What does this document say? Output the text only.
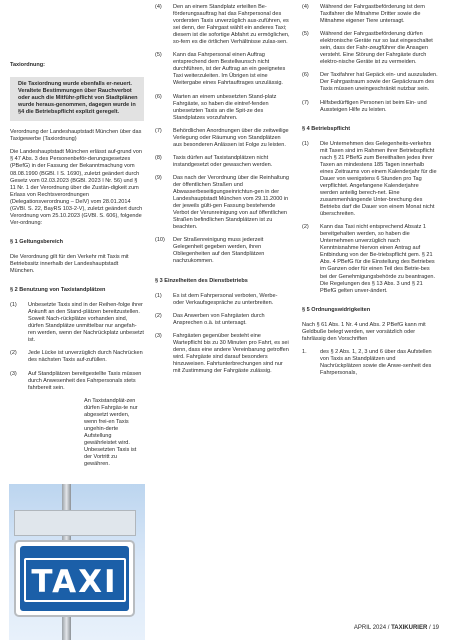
Taxiordnung:

Die Taxiordnung wurde ebenfalls er-neuert. Veraltete Bestimmungen über Rauchverbot oder auch die Mitführ-pflicht von Stadtplänen wurde heraus-genommen, dagegen wurde in §4 die Betriebspflicht explizit geregelt.

Verordnung der Landeshauptstadt München über das Taxigewerbe (Taxiordnung)

Die Landeshauptstadt München erlässt auf-grund von § 47 Abs. 3 des Personenbeför-derungsgesetzes (PBefG) in der Fassung der Bekanntmachung vom 08.08.1990 (BGBl. I S. 1690), zuletzt geändert durch Gesetz vom 02.03.2023 (BGBl. 2023 I Nr. 56) und § 11 Nr. 1 der Verordnung über die Zustän-digkeit zum Erlass von Rechtsverordnungen (Delegationsverordnung – DelV) vom 28.01.2014 (GVBl. S. 22, BayRS 103-2-V), zuletzt geändert durch Verordnung vom 25.10.2023 (GVBl. S. 606), folgende Ver-ordnung:

§ 1 Geltungsbereich

Die Verordnung gilt für den Verkehr mit Taxis mit Betriebssitz innerhalb der Landeshauptstadt München.

§ 2 Benutzung von Taxistandplätzen

(1) Unbesetzte Taxis sind in der Reihen-folge ihrer Ankunft an den Stand-plätzen bereitzustellen. Soweit Nach-rückplätze vorhanden sind, dürfen Standplätze unmittelbar nur angefah-ren werden, wenn der Nachrückplatz unbesetzt ist.
(2) Jede Lücke ist unverzüglich durch Nachrücken des nächsten Taxis auf-zufüllen.
(3) Auf Standplätzen bereitgestellte Taxis müssen durch Anwesenheit des Fahrpersonals stets fahrbereit sein.
An Taxistandplät-zen dürfen Fahrgäs-te nur abgesetzt werden, wenn frei-en Taxis ungehin-derte Aufstellung gewährleistet wird. Unbesetzten Taxis ist der Vortritt zu gewähren.
TAXI
(4) Den an einem Standplatz erteilten Be-förderungsauftrag hat das Fahrpersonal des vordersten Taxis unverzüglich aus-zuführen, es sei denn, der Fahrgast wählt ein anderes Taxi; diesem ist die sofortige Abfahrt zu ermöglichen, so-fern es die örtlichen Verhältnisse zulas-sen.
(5) Kann das Fahrpersonal einen Auftrag entsprechend dem Bestellwunsch nicht durchführen, ist der Auftrag an ein geeignetes Taxi weiterzuleiten. Im Übrigen ist eine Weitergabe eines Fahrtauftrages unzulässig.
(6) Warten an einem unbesetzten Stand-platz Fahrgäste, so haben die eintref-fenden unbesetzten Taxis an die Spit-ze des Standplatzes vorzufahren.
(7) Behördlichen Anordnungen über die zeitweilige Verlegung oder Räumung von Standplätzen aus besonderen Anlässen ist Folge zu leisten.
(8) Taxis dürfen auf Taxistandplätzen nicht instandgesetzt oder gewaschen werden.
(9) Das nach der Verordnung über die Reinhaltung der öffentlichen Straßen und Abwasserbeseitigungseinrichtun-gen in der Landeshauptstadt München vom 29.11.2000 in der jeweils gülti-gen Fassung bestehende Verbot der Verunreinigung von auf öffentlichen Straßen befindlichen Standplätzen ist zu beachten.
(10) Der Straßenreinigung muss jederzeit Gelegenheit gegeben werden, ihren Obliegenheiten auf den Standplätzen nachzukommen.

§ 3 Einzelheiten des Dienstbetriebs

(1) Es ist dem Fahrpersonal verboten, Werbe- oder Verkaufsgespräche zu unterbreiten.
(2) Das Anwerben von Fahrgästen durch Ansprechen o.ä. ist untersagt.
(3) Fahrgästen gegenüber besteht eine Wartepflicht bis zu 30 Minuten pro Fahrt, es sei denn, dass eine andere Vereinbarung getroffen wird. Fahrgäste sind darauf besonders hinzuweisen. Fahrtunterbrechungen sind nur mit Zustimmung der Fahrgäste zulässig.
(4) Während der Fahrgastbeförderung ist dem Taxifahrer die Mitnahme Dritter sowie die Mitnahme eigener Tiere untersagt.
(5) Während der Fahrgastbeförderung dürfen elektronische Geräte nur so laut eingeschaltet sein, dass der Fahr-zeugführer die Ansagen versteht. Eine Störung der Fahrgäste durch elektro-nische Geräte ist zu vermeiden.
(6) Der Taxifahrer hat Gepäck ein- und auszuladen. Der Fahrgastraum sowie der Gepäckraum des Taxis müssen uneingeschränkt nutzbar sein.
(7) Hilfsbedürftigen Personen ist beim Ein- und Aussteigen Hilfe zu leisten.

§ 4 Betriebspflicht

(1) Die Unternehmen des Gelegenheits-verkehrs mit Taxen sind im Rahmen ihrer Betriebspflicht nach § 21 PBefG zum Bereithalten jedes ihrer Taxen an mindestens 185 Tagen innerhalb eines Zeitraums von einem Kalenderjahr für die Dauer von wenigstens 6 Stunden pro Tag verpflichtet. Angefangene Kalenderjahre werden anteilig berech-net. Eine zusammenhängende Unter-brechung des Betriebs darf die Dauer von einem Monat nicht überschreiten.
(2) Kann das Taxi nicht entsprechend Absatz 1 bereitgehalten werden, so haben die Unternehmen unverzüglich nach Kenntnisnahme hiervon einen Antrag auf Entbindung von der Be-triebspflicht gem. § 21 Abs. 4 PBefG für die Einstellung des Betriebes im Ganzen oder für einen Teil des Betrie-bes bei der Genehmigungsbehörde zu beantragen. Die Regelungen des § 13 Abs. 3 und § 21 PBefG gelten unver-ändert.

§ 5 Ordnungswidrigkeiten

Nach § 61 Abs. 1 Nr. 4 und Abs. 2 PBefG kann mit Geldbuße belegt werden, wer vorsätzlich oder fahrlässig den Vorschriften

1. des § 2 Abs. 1, 2, 3 und 6 über das Aufstellen von Taxis an Standplätzen und Nachrückplätzen sowie die Anwe-senheit des Fahrpersonals,
APRIL 2024 / TAXIKURIER / 19
